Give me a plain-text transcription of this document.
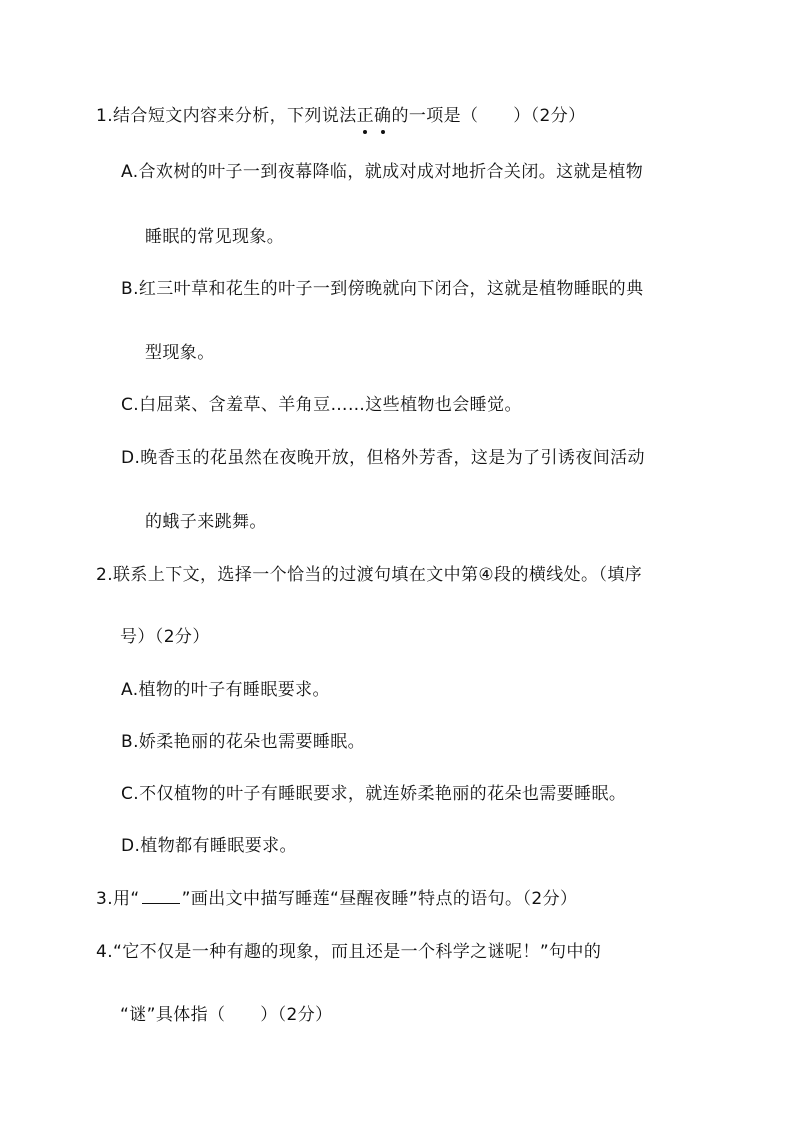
1.结合短文内容来分析，下列说法正确的一项是（　　）（2分）
A.合欢树的叶子一到夜幕降临，就成对成对地折合关闭。这就是植物
睡眠的常见现象。
B.红三叶草和花生的叶子一到傍晚就向下闭合，这就是植物睡眠的典
型现象。
C.白屈菜、含羞草、羊角豆……这些植物也会睡觉。
D.晚香玉的花虽然在夜晚开放，但格外芳香，这是为了引诱夜间活动
的蛾子来跳舞。
2.联系上下文，选择一个恰当的过渡句填在文中第④段的横线处。（填序
号）（2分）
A.植物的叶子有睡眠要求。
B.娇柔艳丽的花朵也需要睡眠。
C.不仅植物的叶子有睡眠要求，就连娇柔艳丽的花朵也需要睡眠。
D.植物都有睡眠要求。
3.用“ ”画出文中描写睡莲“昼醒夜睡”特点的语句。（2分）
4.“它不仅是一种有趣的现象，而且还是一个科学之谜呢！”句中的
“谜”具体指（　　）（2分）
